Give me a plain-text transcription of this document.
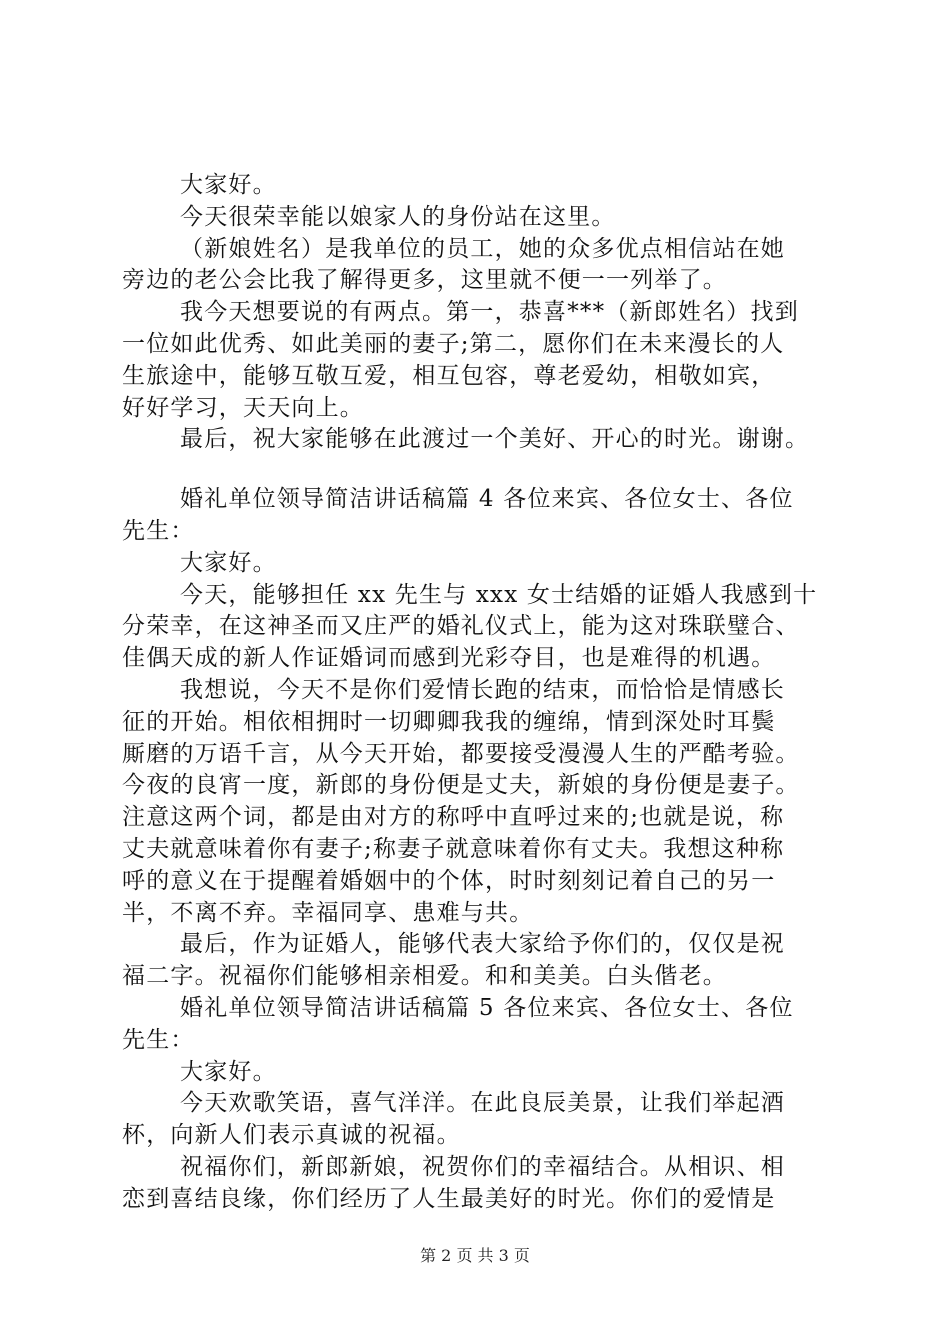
大家好。
今天很荣幸能以娘家人的身份站在这里。
（新娘姓名）是我单位的员工，她的众多优点相信站在她
旁边的老公会比我了解得更多，这里就不便一一列举了。
我今天想要说的有两点。第一，恭喜***（新郎姓名）找到
一位如此优秀、如此美丽的妻子;第二，愿你们在未来漫长的人
生旅途中，能够互敬互爱，相互包容，尊老爱幼，相敬如宾，
好好学习，天天向上。
最后，祝大家能够在此渡过一个美好、开心的时光。谢谢。
婚礼单位领导简洁讲话稿篇 4 各位来宾、各位女士、各位
先生：
大家好。
今天，能够担任 xx 先生与 xxx 女士结婚的证婚人我感到十
分荣幸，在这神圣而又庄严的婚礼仪式上，能为这对珠联璧合、
佳偶天成的新人作证婚词而感到光彩夺目，也是难得的机遇。
我想说，今天不是你们爱情长跑的结束，而恰恰是情感长
征的开始。相依相拥时一切卿卿我我的缠绵，情到深处时耳鬓
厮磨的万语千言，从今天开始，都要接受漫漫人生的严酷考验。
今夜的良宵一度，新郎的身份便是丈夫，新娘的身份便是妻子。
注意这两个词，都是由对方的称呼中直呼过来的;也就是说，称
丈夫就意味着你有妻子;称妻子就意味着你有丈夫。我想这种称
呼的意义在于提醒着婚姻中的个体，时时刻刻记着自己的另一
半，不离不弃。幸福同享、患难与共。
最后，作为证婚人，能够代表大家给予你们的，仅仅是祝
福二字。祝福你们能够相亲相爱。和和美美。白头偕老。
婚礼单位领导简洁讲话稿篇 5 各位来宾、各位女士、各位
先生：
大家好。
今天欢歌笑语，喜气洋洋。在此良辰美景，让我们举起酒
杯，向新人们表示真诚的祝福。
祝福你们，新郎新娘，祝贺你们的幸福结合。从相识、相
恋到喜结良缘，你们经历了人生最美好的时光。你们的爱情是
第 2 页 共 3 页
